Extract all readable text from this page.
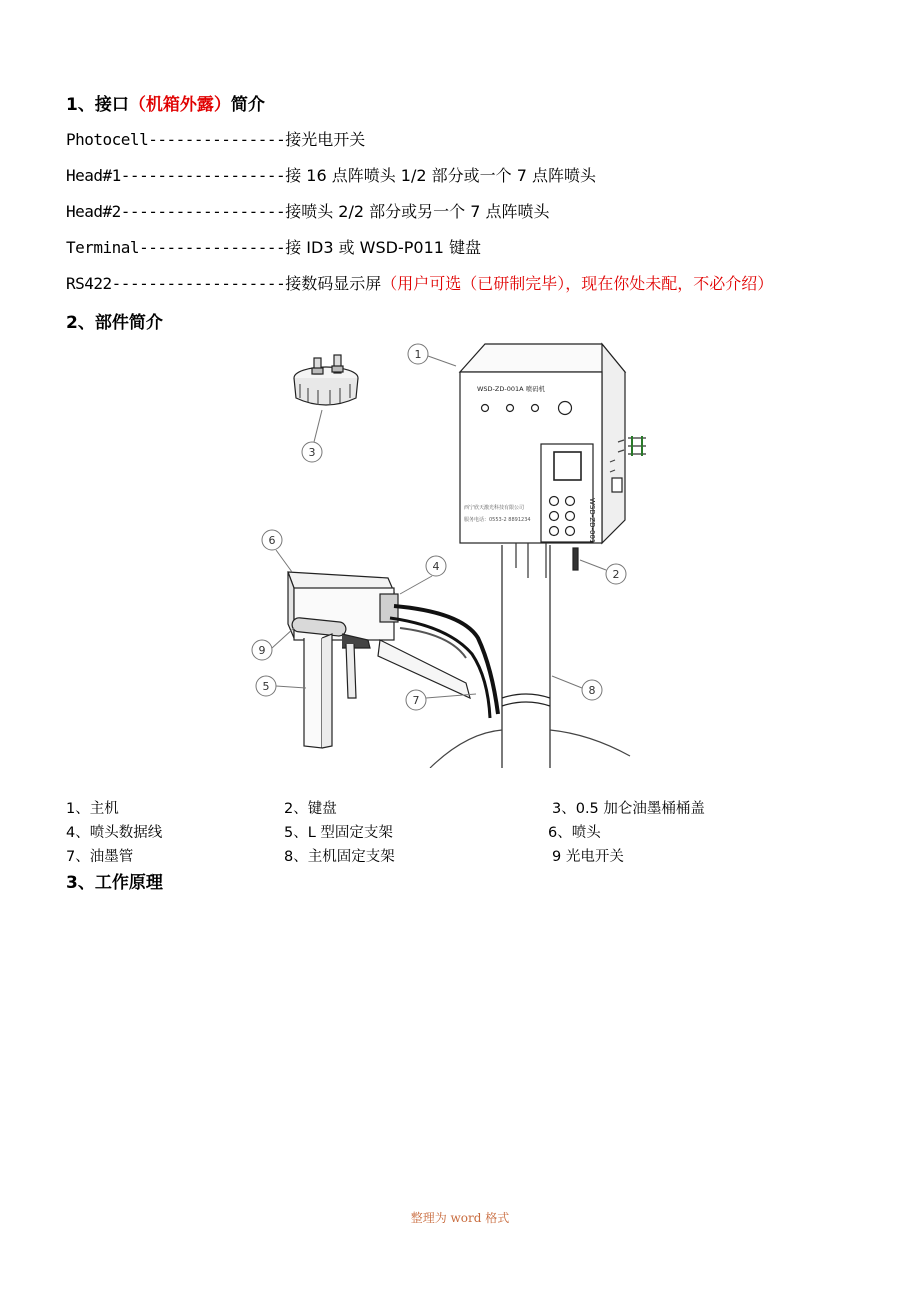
1、接口（机箱外露）简介
Photocell---------------接光电开关
Head#1------------------接 16 点阵喷头 1/2 部分或一个 7 点阵喷头
Head#2------------------接喷头 2/2 部分或另一个 7 点阵喷头
Terminal----------------接 ID3 或 WSD-P011 键盘
RS422-------------------接数码显示屏（用户可选（已研制完毕），现在你处未配，不必介绍）
2、部件简介
WSD-ZD-001A 喷码机
西宁欣天激光科技有限公司
服务电话：0553-2 8891234	WSD-ZD-001
1
2
3
4
5
6
7
8
9
1、主机	2、键盘	3、0.5 加仑油墨桶桶盖
4、喷头数据线	5、L 型固定支架	6、喷头
7、油墨管	8、主机固定支架	9 光电开关
3、工作原理
整理为 word 格式
